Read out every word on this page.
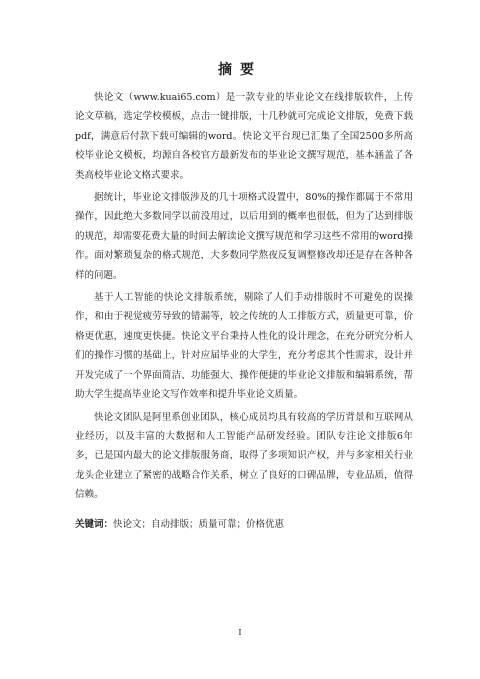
摘要

快论文（www.kuai65.com）是一款专业的毕业论文在线排版软件，上传论文草稿，选定学校模板，点击一键排版，十几秒就可完成论文排版，免费下载pdf，满意后付款下载可编辑的word。快论文平台现已汇集了全国2500多所高校毕业论文模板，均源自各校官方最新发布的毕业论文撰写规范，基本涵盖了各类高校毕业论文格式要求。

据统计，毕业论文排版涉及的几十项格式设置中，80%的操作都属于不常用操作，因此绝大多数同学以前没用过，以后用到的概率也很低，但为了达到排版的规范，却需要花费大量的时间去解读论文撰写规范和学习这些不常用的word操作。面对繁琐复杂的格式规范，大多数同学熬夜反复调整修改却还是存在各种各样的问题。

基于人工智能的快论文排版系统，剔除了人们手动排版时不可避免的误操作，和由于视觉疲劳导致的错漏等，较之传统的人工排版方式，质量更可靠，价格更优惠，速度更快捷。快论文平台秉持人性化的设计理念，在充分研究分析人们的操作习惯的基础上，针对应届毕业的大学生，充分考虑其个性需求，设计并开发完成了一个界面简洁、功能强大、操作便捷的毕业论文排版和编辑系统，帮助大学生提高毕业论文写作效率和提升毕业论文质量。

快论文团队是阿里系创业团队，核心成员均具有较高的学历背景和互联网从业经历，以及丰富的大数据和人工智能产品研发经验。团队专注论文排版6年多，已是国内最大的论文排版服务商，取得了多项知识产权，并与多家相关行业龙头企业建立了紧密的战略合作关系，树立了良好的口碑品牌，专业品质，值得信赖。

关键词：快论文；自动排版；质量可靠；价格优惠
I
